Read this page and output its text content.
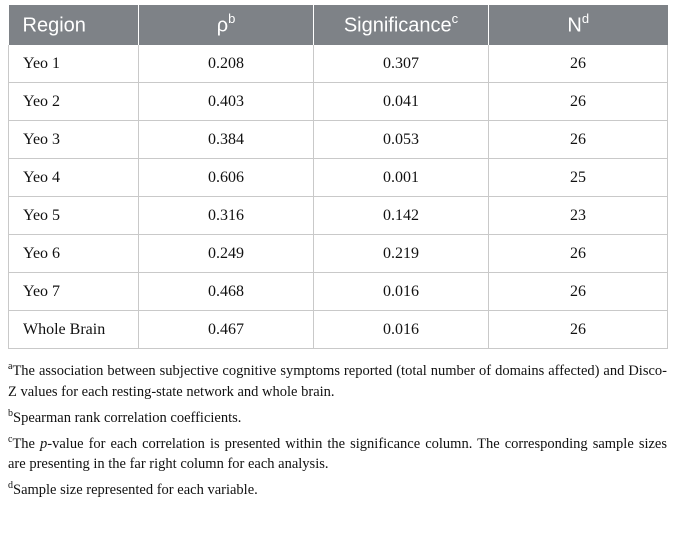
Region	$\rho^b$	Significance$^c$	$N^d$
Yeo 1	0.208	0.307	26
Yeo 2	0.403	0.041	26
Yeo 3	0.384	0.053	26
Yeo 4	0.606	0.001	25
Yeo 5	0.316	0.142	23
Yeo 6	0.249	0.219	26
Yeo 7	0.468	0.016	26
Whole Brain	0.467	0.016	26

$^a$The association between subjective cognitive symptoms reported (total number of domains affected) and Disco-Z values for each resting-state network and whole brain.

$^b$Spearman rank correlation coefficients.

$^c$The p-value for each correlation is presented within the significance column. The corresponding sample sizes are presenting in the far right column for each analysis.

$^d$Sample size represented for each variable.
